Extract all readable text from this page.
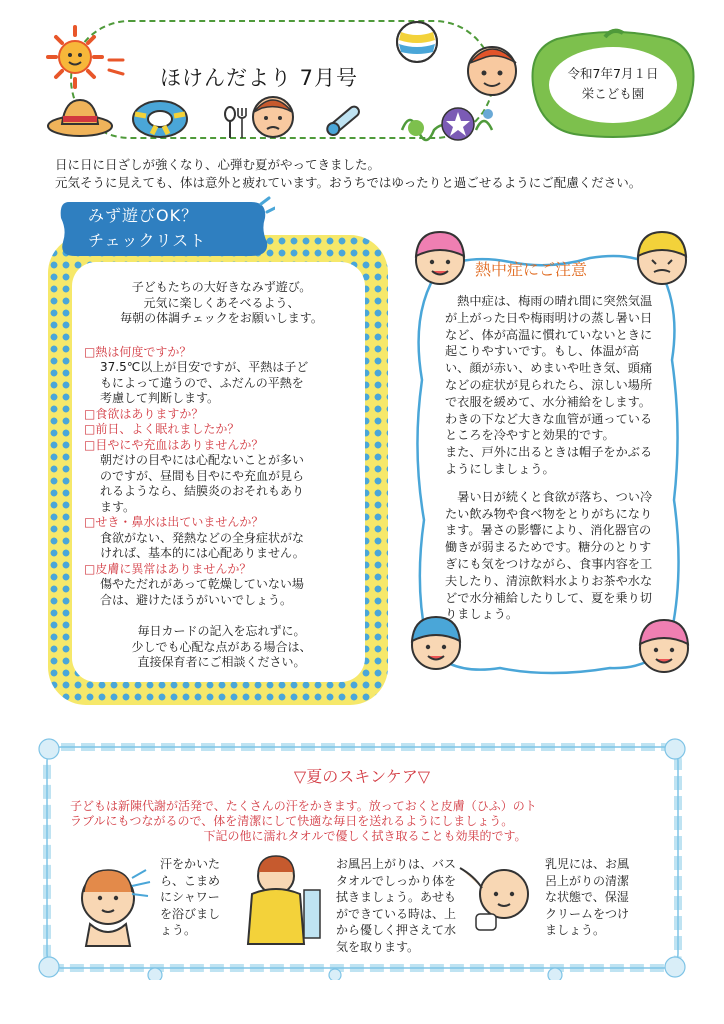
ほけんだより 7月号	令和7年7月１日
栄こども園
日に日に日ざしが強くなり、心弾む夏がやってきました。
元気そうに見えても、体は意外と疲れています。おうちではゆったりと過ごせるようにご配慮ください。
みず遊びOK？
チェックリスト
子どもたちの大好きなみず遊び。
元気に楽しくあそべるよう、
毎朝の体調チェックをお願いします。
□熱は何度ですか？
37.5℃以上が目安ですが、平熱は子ど
もによって違うので、ふだんの平熱を
考慮して判断します。
□食欲はありますか？
□前日、よく眠れましたか？
□目やにや充血はありませんか？
朝だけの目やには心配ないことが多い
のですが、昼間も目やにや充血が見ら
れるようなら、結膜炎のおそれもあり
ます。
□せき・鼻水は出ていませんか？
食欲がない、発熱などの全身症状がな
ければ、基本的には心配ありません。
□皮膚に異常はありませんか？
傷やただれがあって乾燥していない場
合は、避けたほうがいいでしょう。
毎日カードの記入を忘れずに。
少しでも心配な点がある場合は、
直接保育者にご相談ください。
熱中症にご注意

　熱中症は、梅雨の晴れ間に突然気温が上がった日や梅雨明けの蒸し暑い日など、体が高温に慣れていないときに起こりやすいです。もし、体温が高い、顔が赤い、めまいや吐き気、頭痛などの症状が見られたら、涼しい場所で衣服を緩めて、水分補給をします。わきの下など大きな血管が通っているところを冷やすと効果的です。

また、戸外に出るときは帽子をかぶるようにしましょう。

　暑い日が続くと食欲が落ち、つい冷たい飲み物や食べ物をとりがちになります。暑さの影響により、消化器官の働きが弱まるためです。糖分のとりすぎにも気をつけながら、食事内容を工夫したり、清涼飲料水よりお茶や水などで水分補給したりして、夏を乗り切りましょう。

▽夏のスキンケア▽
子どもは新陳代謝が活発で、たくさんの汗をかきます。放っておくと皮膚（ひふ）のト
ラブルにもつながるので、体を清潔にして快適な毎日を送れるようにしましょう。
下記の他に濡れタオルで優しく拭き取ることも効果的です。
汗をかいたら、こまめにシャワーを浴びましょう。
お風呂上がりは、バスタオルでしっかり体を拭きましょう。あせもができている時は、上から優しく押さえて水気を取ります。
乳児には、お風呂上がりの清潔な状態で、保湿クリームをつけましょう。
